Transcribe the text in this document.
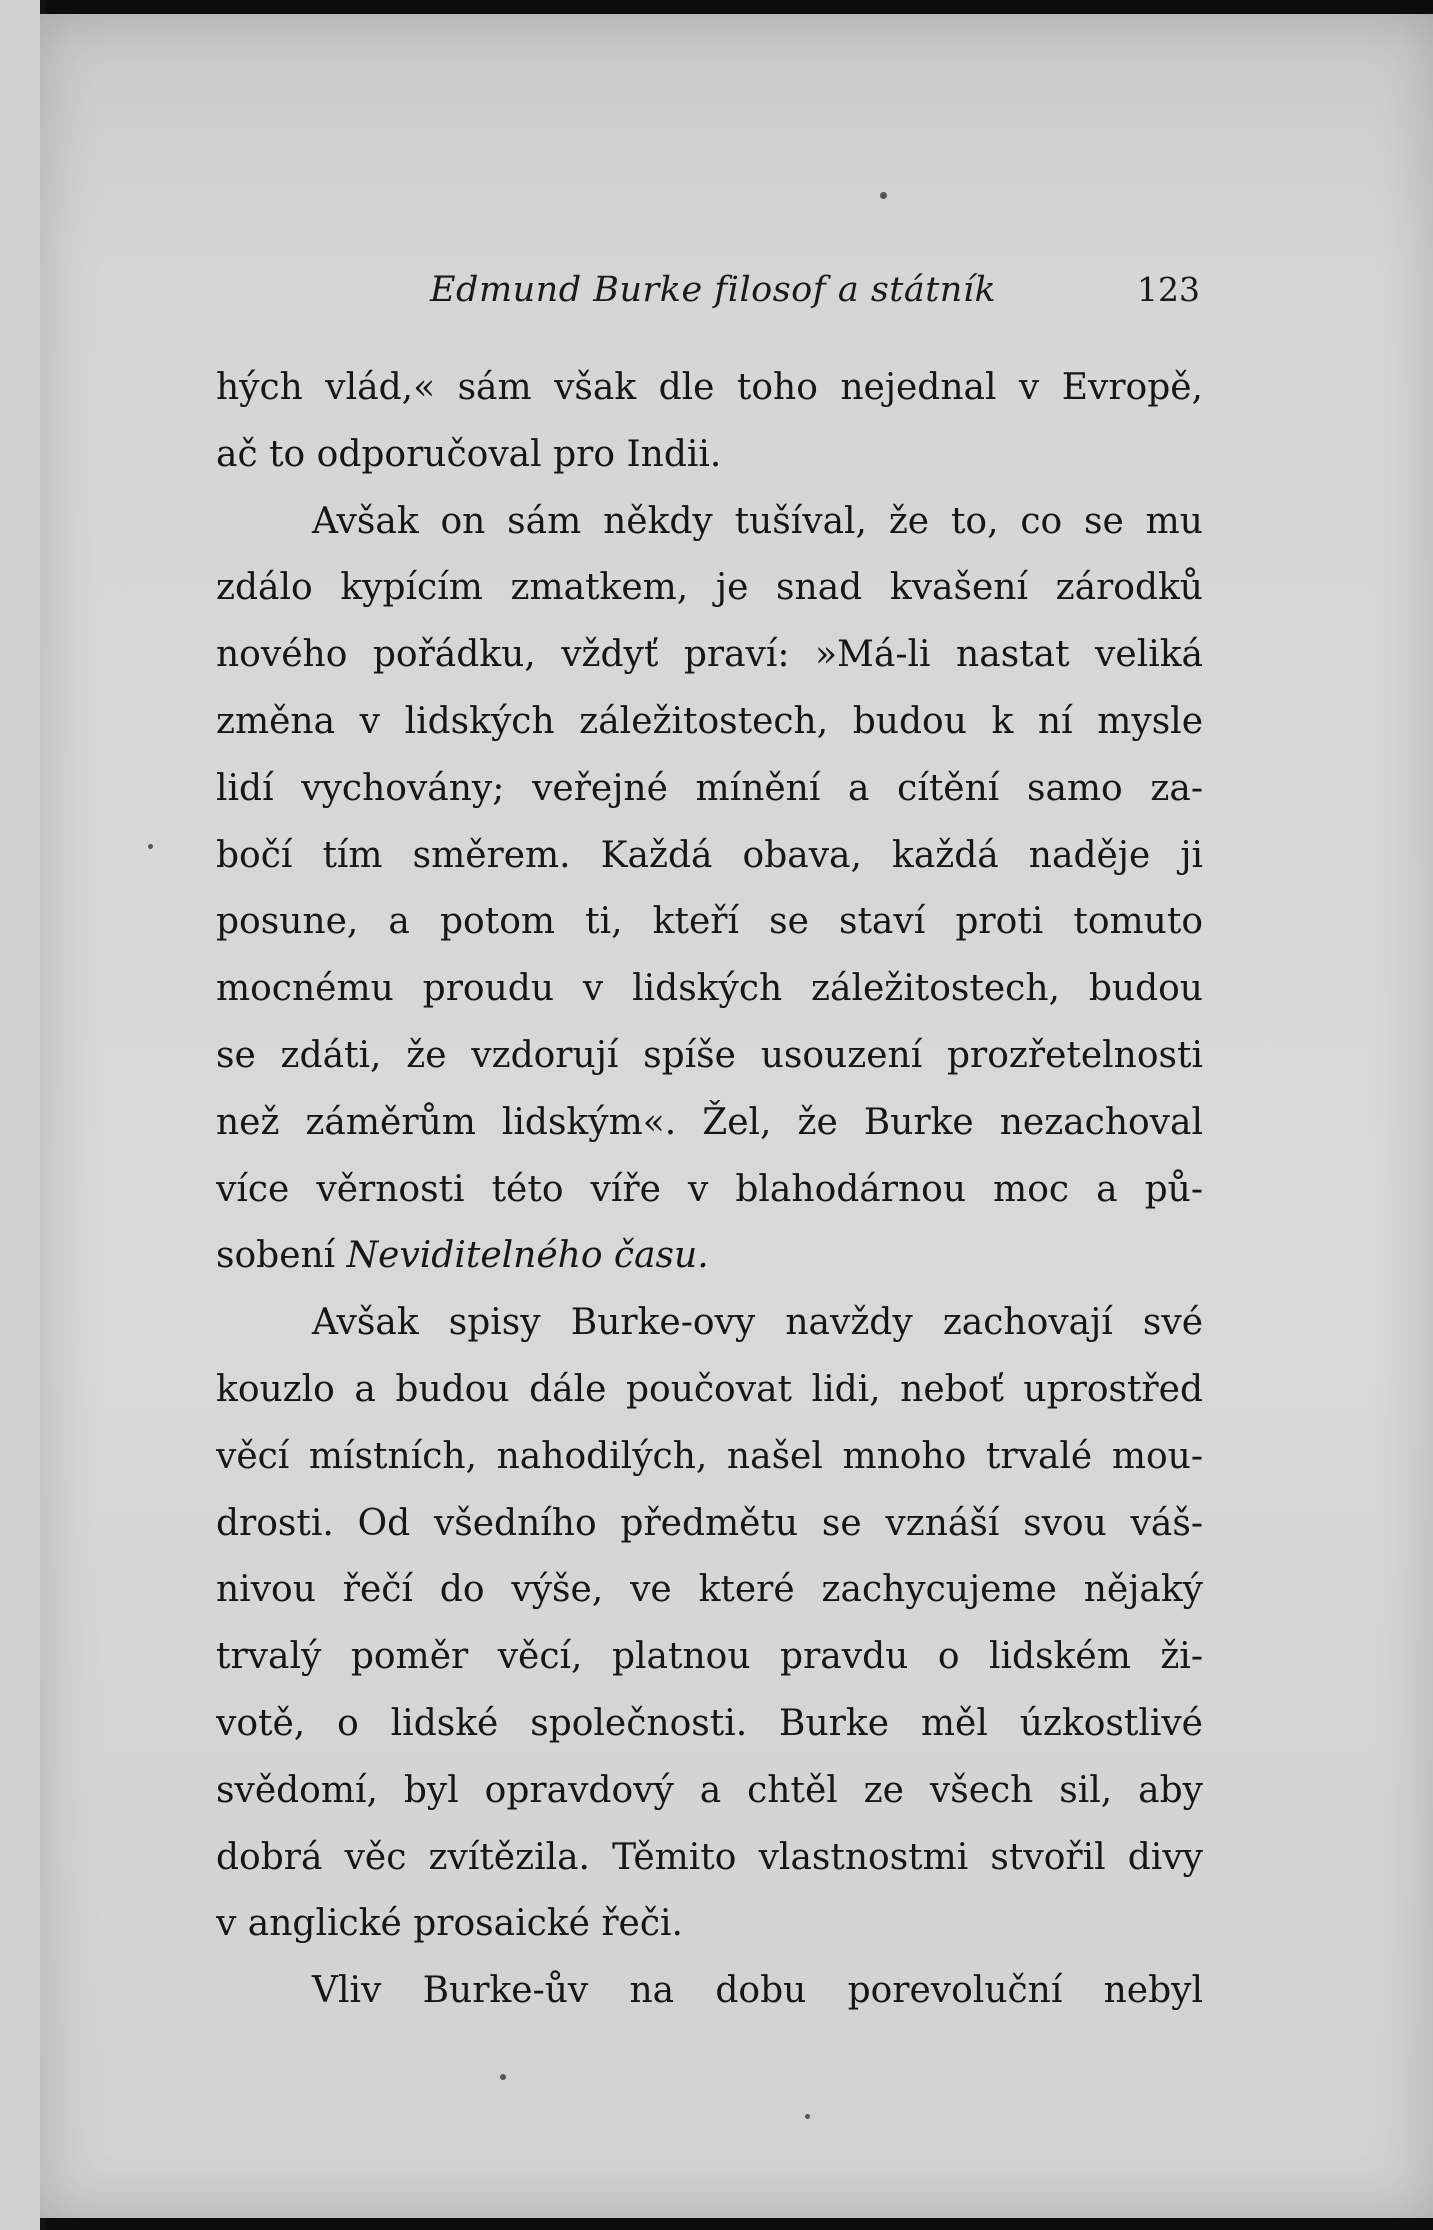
Edmund Burke filosof a státník	123
hých vlád,« sám však dle toho nejednal v Evropě,
ač to odporučoval pro Indii.
Avšak on sám někdy tušíval, že to, co se mu
zdálo kypícím zmatkem, je snad kvašení zárodků
nového pořádku, vždyť praví: »Má-li nastat veliká
změna v lidských záležitostech, budou k ní mysle
lidí vychovány; veřejné mínění a cítění samo za-
bočí tím směrem. Každá obava, každá naděje ji
posune, a potom ti, kteří se staví proti tomuto
mocnému proudu v lidských záležitostech, budou
se zdáti, že vzdorují spíše usouzení prozřetelnosti
než záměrům lidským«. Žel, že Burke nezachoval
více věrnosti této víře v blahodárnou moc a pů-
sobení Neviditelného času.
Avšak spisy Burke-ovy navždy zachovají své
kouzlo a budou dále poučovat lidi, neboť uprostřed
věcí místních, nahodilých, našel mnoho trvalé mou-
drosti. Od všedního předmětu se vznáší svou váš-
nivou řečí do výše, ve které zachycujeme nějaký
trvalý poměr věcí, platnou pravdu o lidském ži-
votě, o lidské společnosti. Burke měl úzkostlivé
svědomí, byl opravdový a chtěl ze všech sil, aby
dobrá věc zvítězila. Těmito vlastnostmi stvořil divy
v anglické prosaické řeči.
Vliv Burke-ův na dobu porevoluční nebyl
